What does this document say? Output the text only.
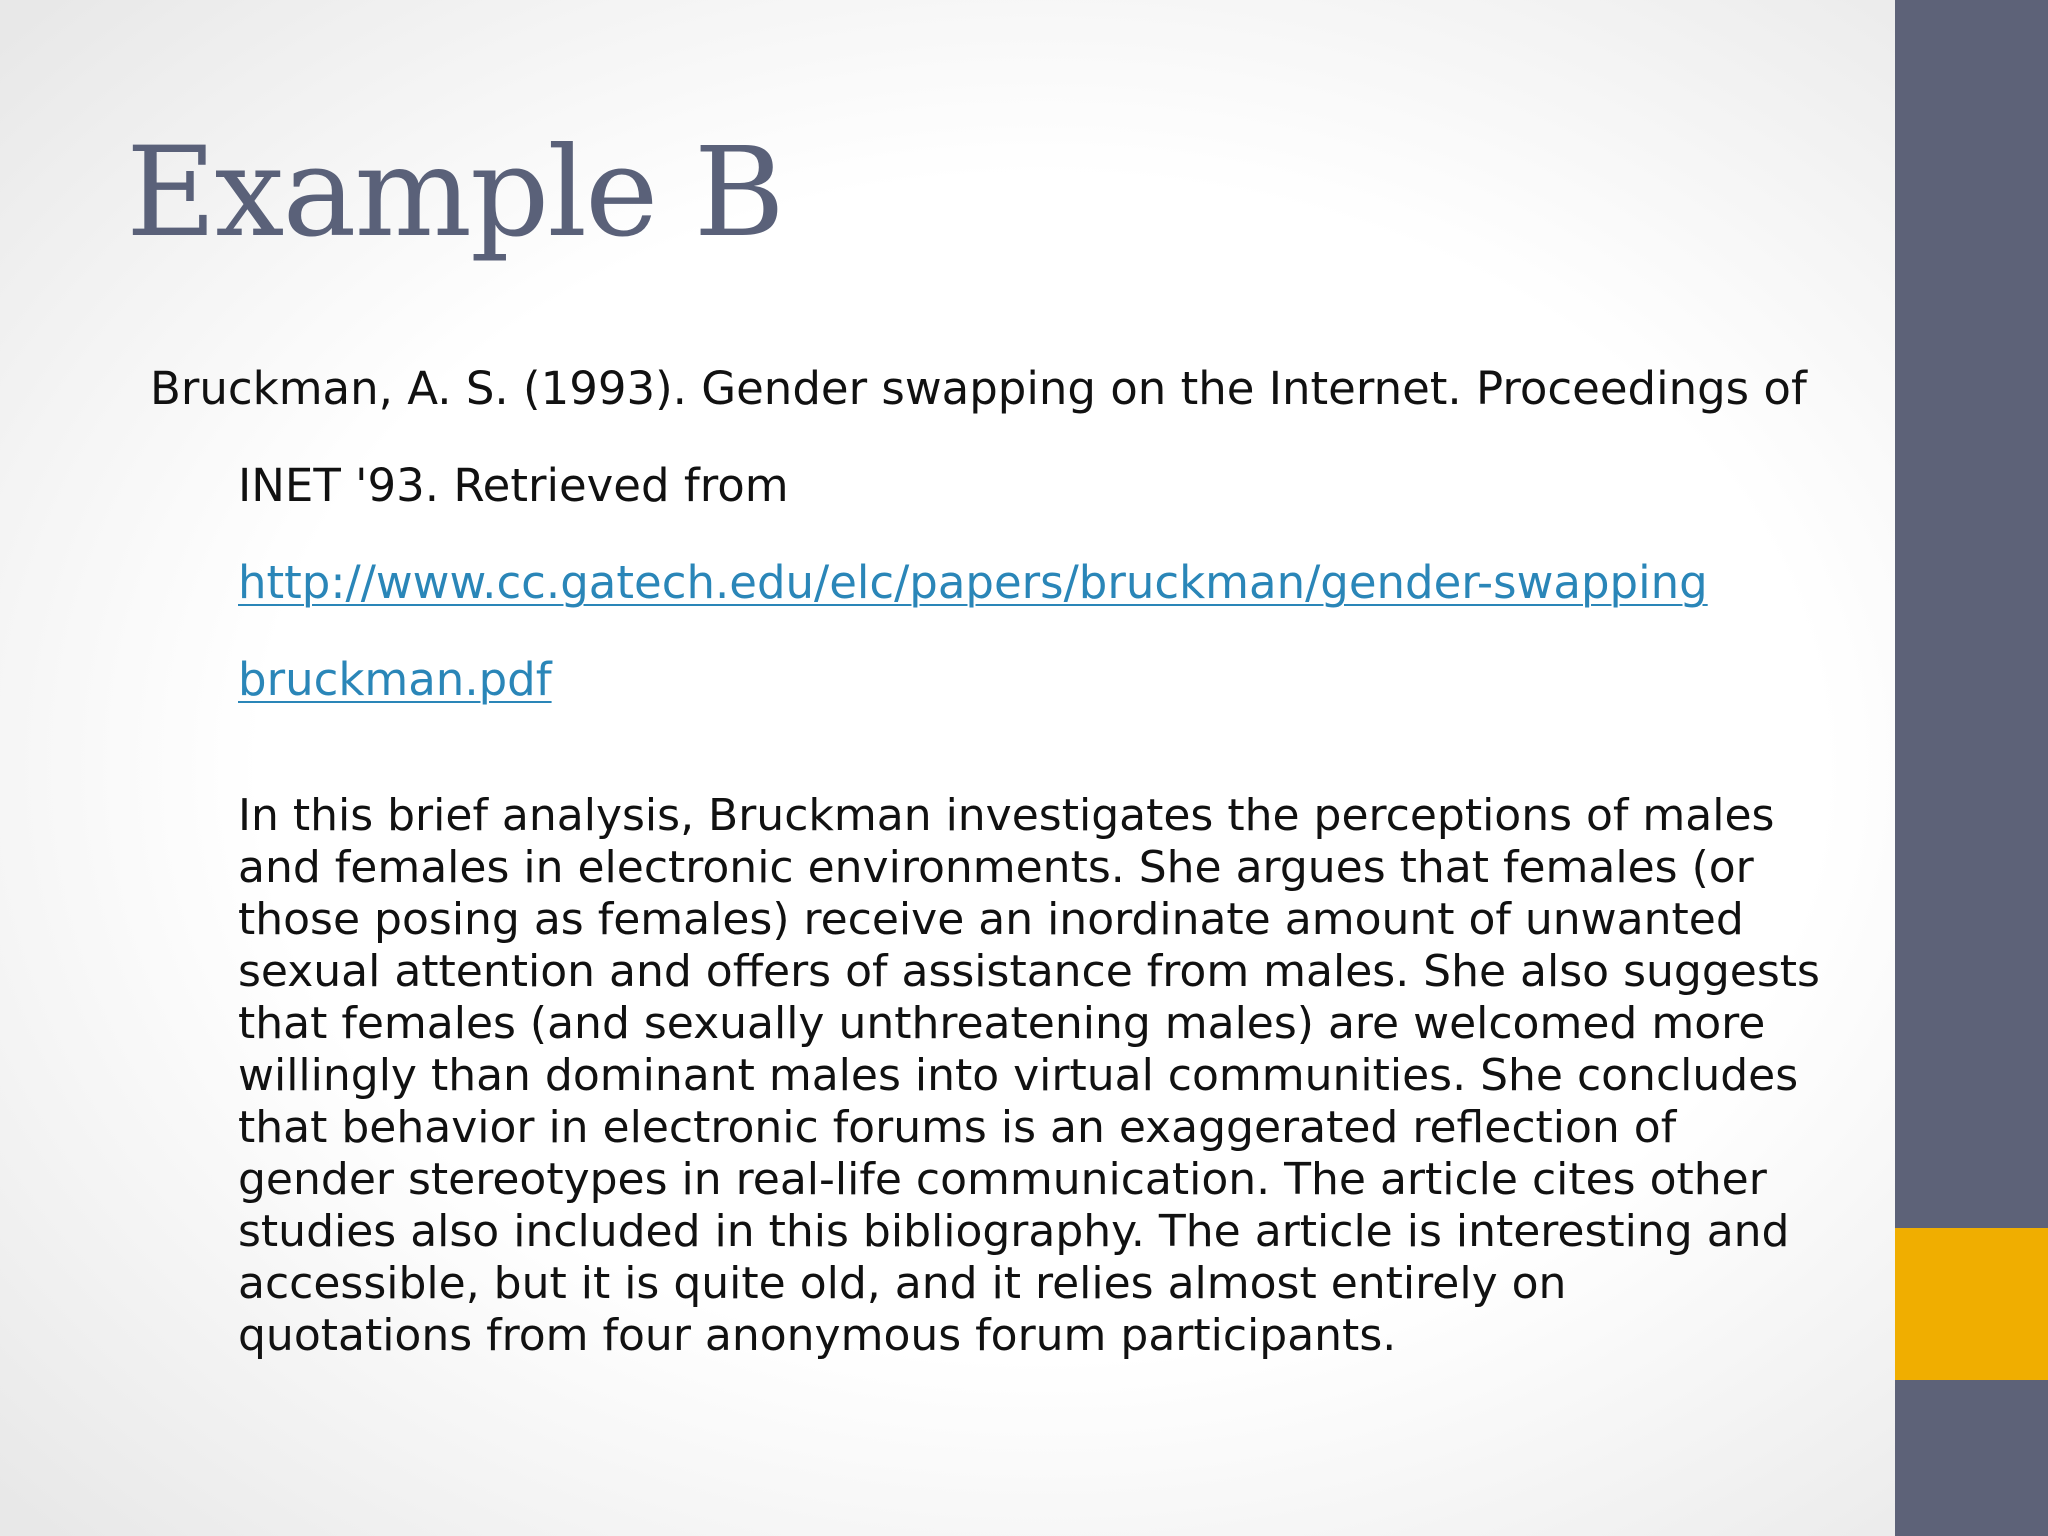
Example B
Bruckman, A. S. (1993). Gender swapping on the Internet. Proceedings of
INET '93. Retrieved from
http://www.cc.gatech.edu/elc/papers/bruckman/gender-swapping
bruckman.pdf

In this brief analysis, Bruckman investigates the perceptions of males
and females in electronic environments. She argues that females (or
those posing as females) receive an inordinate amount of unwanted
sexual attention and offers of assistance from males. She also suggests
that females (and sexually unthreatening males) are welcomed more
willingly than dominant males into virtual communities. She concludes
that behavior in electronic forums is an exaggerated reflection of
gender stereotypes in real-life communication. The article cites other
studies also included in this bibliography. The article is interesting and
accessible, but it is quite old, and it relies almost entirely on
quotations from four anonymous forum participants.
